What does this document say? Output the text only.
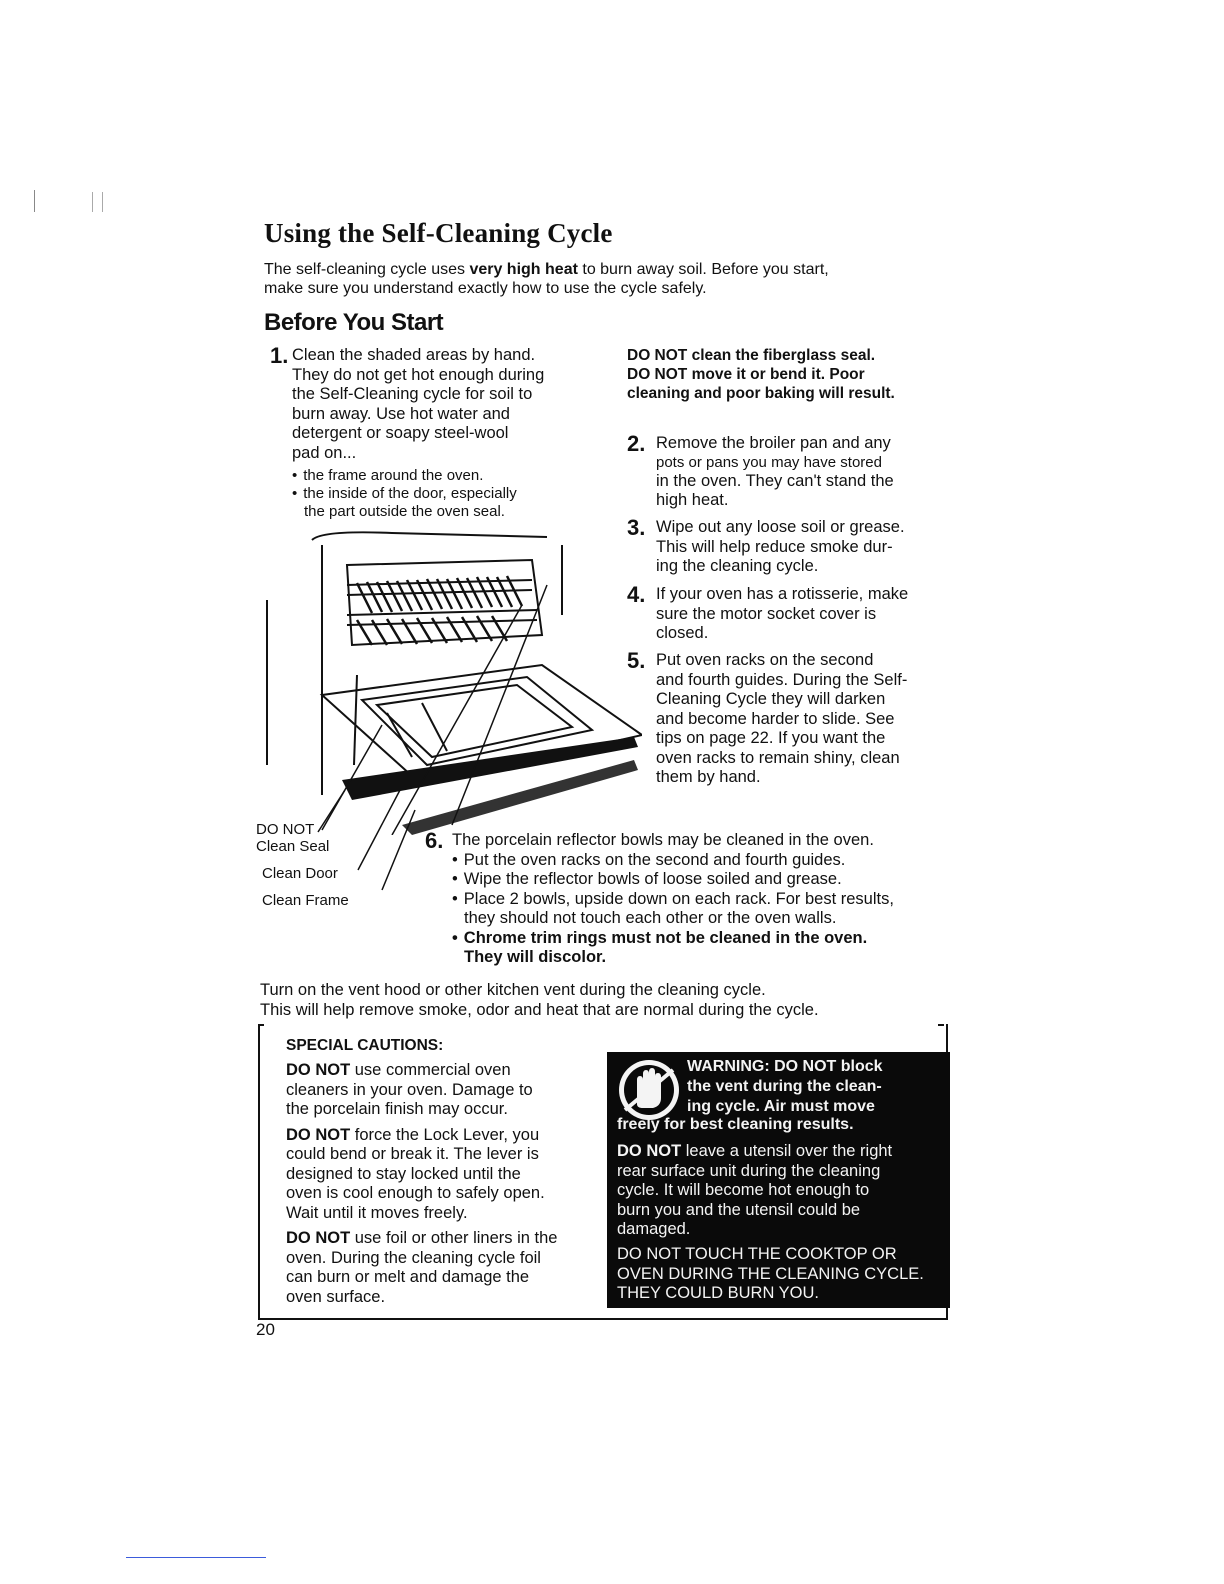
Using the Self-Cleaning Cycle
The self-cleaning cycle uses very high heat to burn away soil. Before you start,
make sure you understand exactly how to use the cycle safely.
Before You Start
1. Clean the shaded areas by hand.
They do not get hot enough during
the Self-Cleaning cycle for soil to
burn away. Use hot water and
detergent or soapy steel-wool
pad on...
• the frame around the oven.
• the inside of the door, especially
the part outside the oven seal.
DO NOT clean the fiberglass seal.
DO NOT move it or bend it. Poor
cleaning and poor baking will result.
2. Remove the broiler pan and any
pots or pans you may have stored
in the oven. They can't stand the
high heat.
3. Wipe out any loose soil or grease.
This will help reduce smoke dur-
ing the cleaning cycle.
4. If your oven has a rotisserie, make
sure the motor socket cover is
closed.
5. Put oven racks on the second
and fourth guides. During the Self-
Cleaning Cycle they will darken
and become harder to slide. See
tips on page 22. If you want the
oven racks to remain shiny, clean
them by hand.
DO NOT
Clean Seal
Clean Door
Clean Frame
6. The porcelain reflector bowls may be cleaned in the oven.
• Put the oven racks on the second and fourth guides.
• Wipe the reflector bowls of loose soiled and grease.
• Place 2 bowls, upside down on each rack. For best results,
they should not touch each other or the oven walls.
• Chrome trim rings must not be cleaned in the oven.
They will discolor.
Turn on the vent hood or other kitchen vent during the cleaning cycle.
This will help remove smoke, odor and heat that are normal during the cycle.
SPECIAL CAUTIONS:
DO NOT use commercial oven
cleaners in your oven. Damage to
the porcelain finish may occur.
DO NOT force the Lock Lever, you
could bend or break it. The lever is
designed to stay locked until the
oven is cool enough to safely open.
Wait until it moves freely.
DO NOT use foil or other liners in the
oven. During the cleaning cycle foil
can burn or melt and damage the
oven surface.
WARNING: DO NOT block
the vent during the clean-
ing cycle. Air must move
freely for best cleaning results.
DO NOT leave a utensil over the right
rear surface unit during the cleaning
cycle. It will become hot enough to
burn you and the utensil could be
damaged.
DO NOT TOUCH THE COOKTOP OR
OVEN DURING THE CLEANING CYCLE.
THEY COULD BURN YOU.
20
